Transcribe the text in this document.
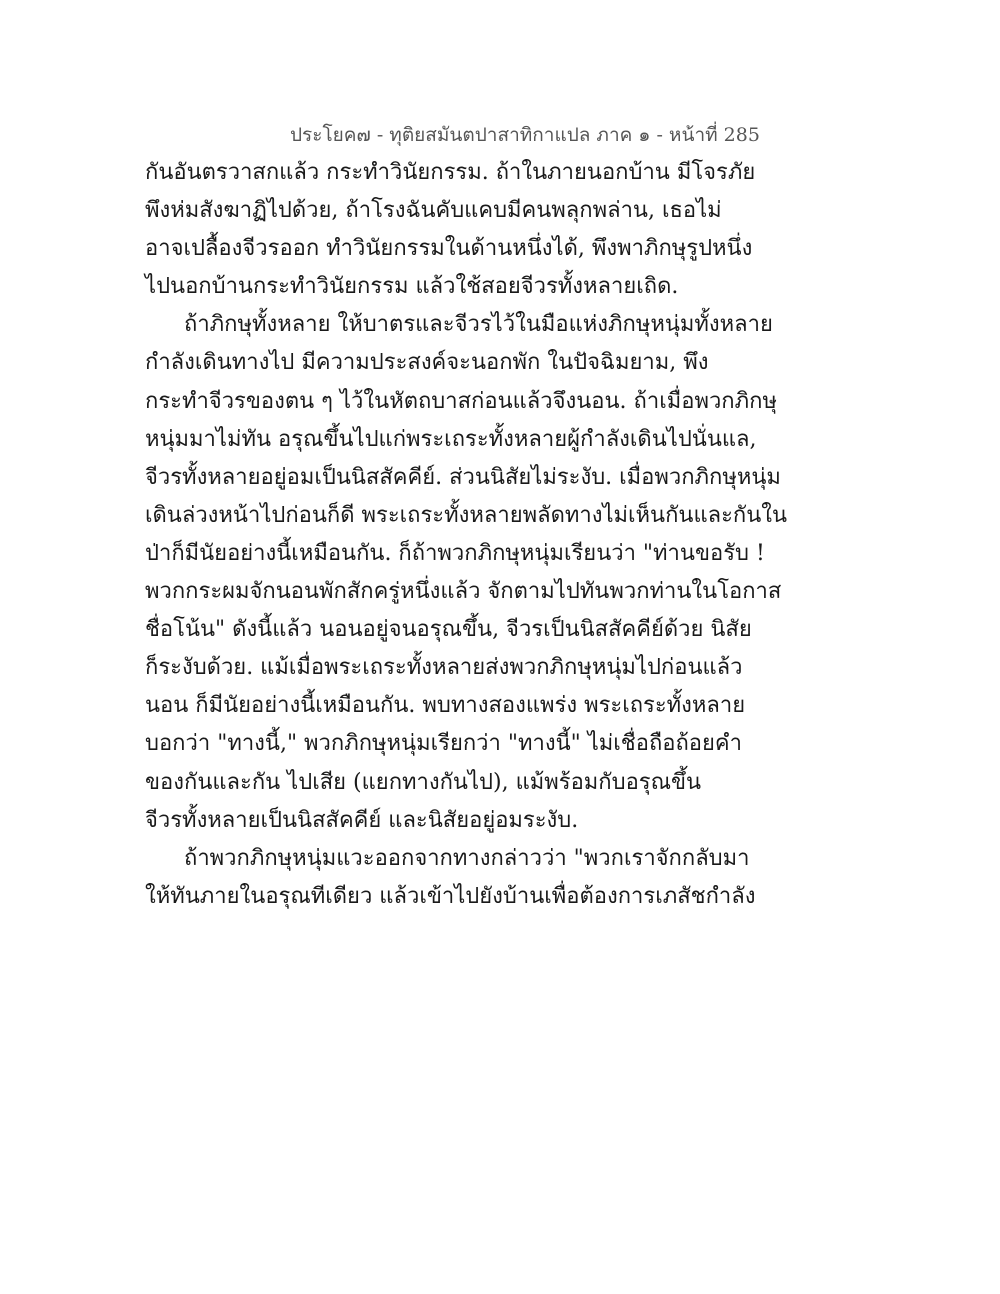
ประโยค๗ - ทุติยสมันตปาสาทิกาแปล ภาค ๑ - หน้าที่ 285
กันอันตรวาสกแล้ว กระทำวินัยกรรม. ถ้าในภายนอกบ้าน มีโจรภัย
พึงห่มสังฆาฏิไปด้วย, ถ้าโรงฉันคับแคบมีคนพลุกพล่าน, เธอไม่
อาจเปลื้องจีวรออก ทำวินัยกรรมในด้านหนึ่งได้, พึงพาภิกษุรูปหนึ่ง
ไปนอกบ้านกระทำวินัยกรรม แล้วใช้สอยจีวรทั้งหลายเถิด.
ถ้าภิกษุทั้งหลาย ให้บาตรและจีวรไว้ในมือแห่งภิกษุหนุ่มทั้งหลาย
กำลังเดินทางไป มีความประสงค์จะนอกพัก ในปัจฉิมยาม, พึง
กระทำจีวรของตน ๆ ไว้ในหัตถบาสก่อนแล้วจึงนอน. ถ้าเมื่อพวกภิกษุ
หนุ่มมาไม่ทัน อรุณขึ้นไปแก่พระเถระทั้งหลายผู้กำลังเดินไปนั่นแล,
จีวรทั้งหลายอยู่อมเป็นนิสสัคคีย์. ส่วนนิสัยไม่ระงับ. เมื่อพวกภิกษุหนุ่ม
เดินล่วงหน้าไปก่อนก็ดี พระเถระทั้งหลายพลัดทางไม่เห็นกันและกันใน
ป่าก็มีนัยอย่างนี้เหมือนกัน. ก็ถ้าพวกภิกษุหนุ่มเรียนว่า "ท่านขอรับ !
พวกกระผมจักนอนพักสักครู่หนึ่งแล้ว จักตามไปทันพวกท่านในโอกาส
ชื่อโน้น" ดังนี้แล้ว นอนอยู่จนอรุณขึ้น, จีวรเป็นนิสสัคคีย์ด้วย นิสัย
ก็ระงับด้วย. แม้เมื่อพระเถระทั้งหลายส่งพวกภิกษุหนุ่มไปก่อนแล้ว
นอน ก็มีนัยอย่างนี้เหมือนกัน. พบทางสองแพร่ง พระเถระทั้งหลาย
บอกว่า "ทางนี้," พวกภิกษุหนุ่มเรียกว่า "ทางนี้" ไม่เชื่อถือถ้อยคำ
ของกันและกัน ไปเสีย (แยกทางกันไป), แม้พร้อมกับอรุณขึ้น
จีวรทั้งหลายเป็นนิสสัคคีย์ และนิสัยอยู่อมระงับ.
ถ้าพวกภิกษุหนุ่มแวะออกจากทางกล่าวว่า "พวกเราจักกลับมา
ให้ทันภายในอรุณทีเดียว แล้วเข้าไปยังบ้านเพื่อต้องการเภสัชกำลัง
